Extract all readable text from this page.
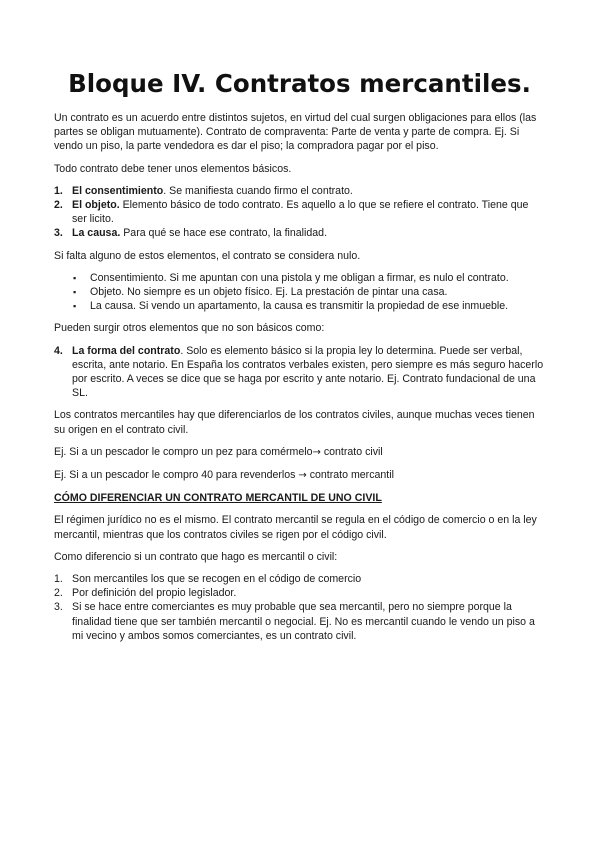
Bloque IV. Contratos mercantiles.

Un contrato es un acuerdo entre distintos sujetos, en virtud del cual surgen obligaciones para ellos (las partes se obligan mutuamente). Contrato de compraventa: Parte de venta y parte de compra. Ej. Si vendo un piso, la parte vendedora es dar el piso; la compradora pagar por el piso.

Todo contrato debe tener unos elementos básicos.

1. El consentimiento. Se manifiesta cuando firmo el contrato.
2. El objeto. Elemento básico de todo contrato. Es aquello a lo que se refiere el contrato. Tiene que ser licito.
3. La causa. Para qué se hace ese contrato, la finalidad.

Si falta alguno de estos elementos, el contrato se considera nulo.

▪ Consentimiento. Si me apuntan con una pistola y me obligan a firmar, es nulo el contrato.
▪ Objeto. No siempre es un objeto físico. Ej. La prestación de pintar una casa.
▪ La causa. Si vendo un apartamento, la causa es transmitir la propiedad de ese inmueble.

Pueden surgir otros elementos que no son básicos como:

4. La forma del contrato. Solo es elemento básico si la propia ley lo determina. Puede ser verbal, escrita, ante notario. En España los contratos verbales existen, pero siempre es más seguro hacerlo por escrito. A veces se dice que se haga por escrito y ante notario. Ej. Contrato fundacional de una SL.

Los contratos mercantiles hay que diferenciarlos de los contratos civiles, aunque muchas veces tienen su origen en el contrato civil.

Ej. Si a un pescador le compro un pez para comérmelo→ contrato civil

Ej. Si a un pescador le compro 40 para revenderlos → contrato mercantil

CÓMO DIFERENCIAR UN CONTRATO MERCANTIL DE UNO CIVIL

El régimen jurídico no es el mismo. El contrato mercantil se regula en el código de comercio o en la ley mercantil, mientras que los contratos civiles se rigen por el código civil.

Como diferencio si un contrato que hago es mercantil o civil:

1. Son mercantiles los que se recogen en el código de comercio
2. Por definición del propio legislador.
3. Si se hace entre comerciantes es muy probable que sea mercantil, pero no siempre porque la finalidad tiene que ser también mercantil o negocial. Ej. No es mercantil cuando le vendo un piso a mi vecino y ambos somos comerciantes, es un contrato civil.
